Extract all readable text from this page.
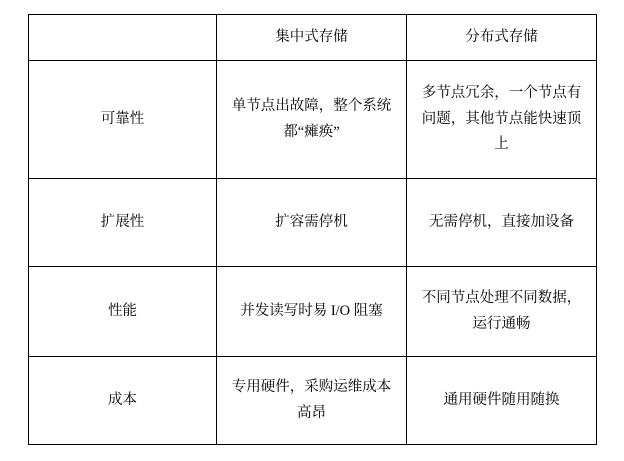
	集中式存储	分布式存储

可靠性	单节点出故障，整个系统都“瘫痪”	多节点冗余，一个节点有问题，其他节点能快速顶上

扩展性	扩容需停机	无需停机，直接加设备

性能	并发读写时易 I/O 阻塞	不同节点处理不同数据，运行通畅

成本	专用硬件，采购运维成本高昂	通用硬件随用随换
